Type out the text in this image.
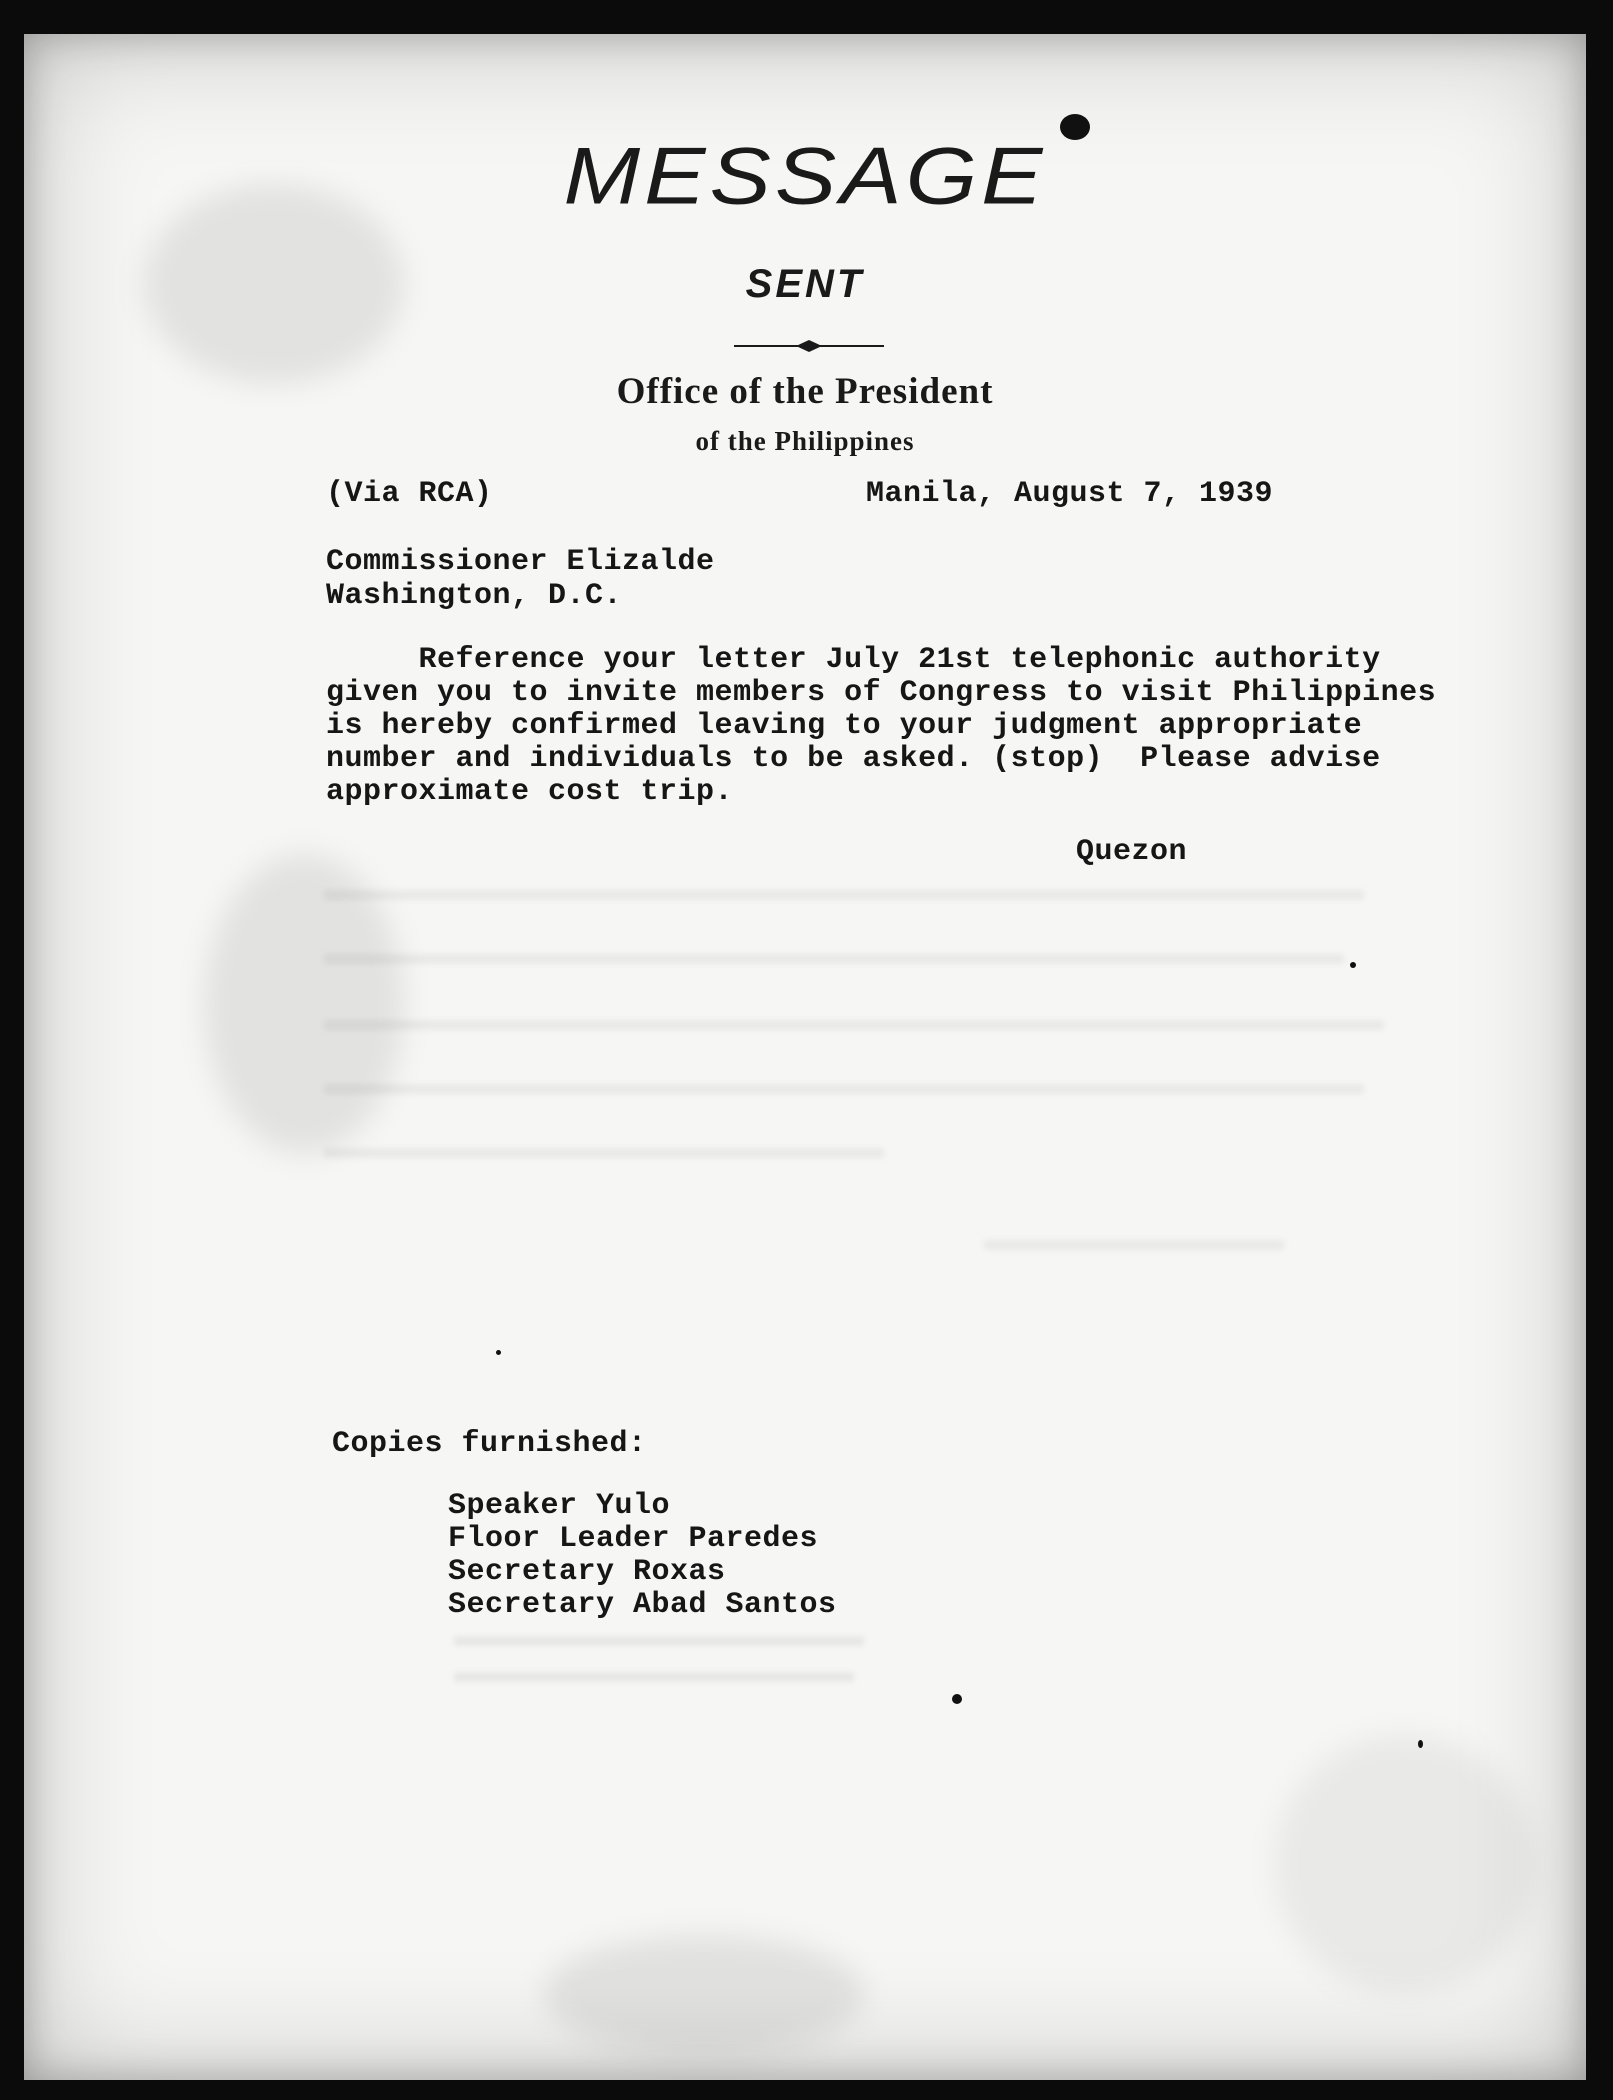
MESSAGE
SENT
Office of the President
of the Philippines
(Via RCA)	Manila, August 7, 1939
Commissioner Elizalde
Washington, D.C.
Reference your letter July 21st telephonic authority
given you to invite members of Congress to visit Philippines
is hereby confirmed leaving to your judgment appropriate
number and individuals to be asked. (stop)  Please advise
approximate cost trip.
Quezon
Copies furnished:
Speaker Yulo
Floor Leader Paredes
Secretary Roxas
Secretary Abad Santos
